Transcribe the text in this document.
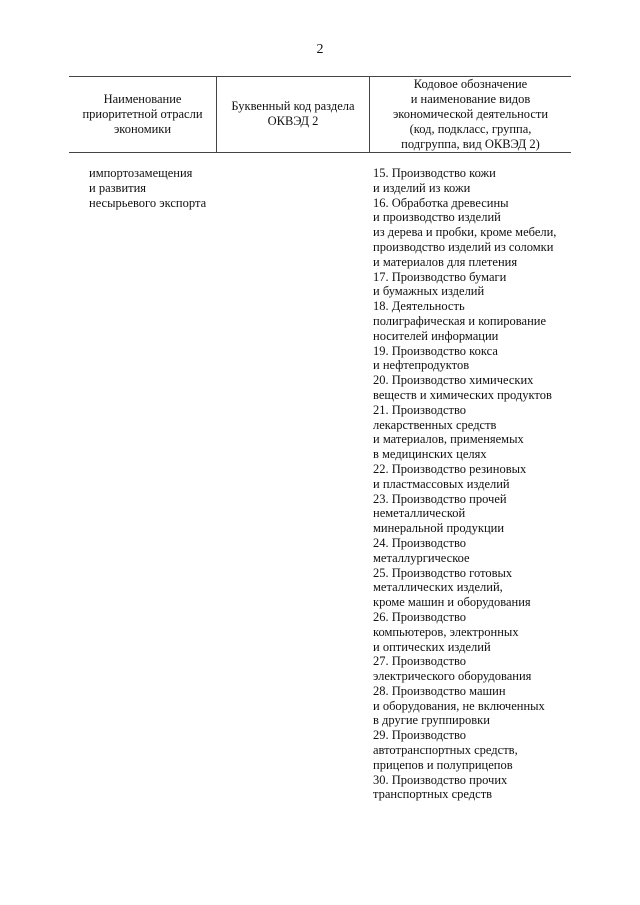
2
Наименование
приоритетной отрасли
экономики
Буквенный код раздела
ОКВЭД 2
Кодовое обозначение
и наименование видов
экономической деятельности
(код, подкласс, группа,
подгруппа, вид ОКВЭД 2)
импортозамещения
и развития
несырьевого экспорта
15. Производство кожи
и изделий из кожи
16. Обработка древесины
и производство изделий
из дерева и пробки, кроме мебели,
производство изделий из соломки
и материалов для плетения
17. Производство бумаги
и бумажных изделий
18. Деятельность
полиграфическая и копирование
носителей информации
19. Производство кокса
и нефтепродуктов
20. Производство химических
веществ и химических продуктов
21. Производство
лекарственных средств
и материалов, применяемых
в медицинских целях
22. Производство резиновых
и пластмассовых изделий
23. Производство прочей
неметаллической
минеральной продукции
24. Производство
металлургическое
25. Производство готовых
металлических изделий,
кроме машин и оборудования
26. Производство
компьютеров, электронных
и оптических изделий
27. Производство
электрического оборудования
28. Производство машин
и оборудования, не включенных
в другие группировки
29. Производство
автотранспортных средств,
прицепов и полуприцепов
30. Производство прочих
транспортных средств
